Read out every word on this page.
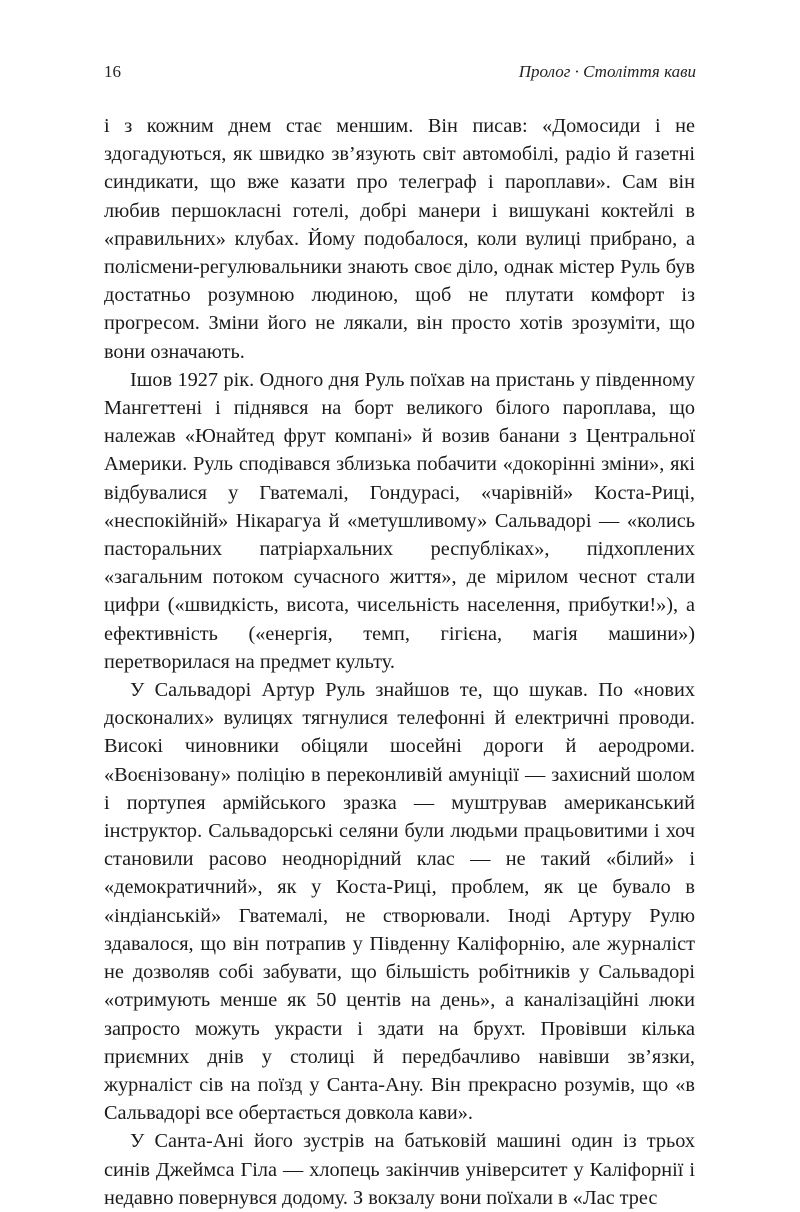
16	Пролог · Століття кави

і з кожним днем стає меншим. Він писав: «Домосиди і не здогадуються, як швидко зв’язують світ автомобілі, радіо й газетні синдикати, що вже казати про телеграф і пароплави». Сам він любив першокласні готелі, добрі манери і вишукані коктейлі в «правильних» клубах. Йому подобалося, коли вулиці прибрано, а полісмени-регулювальники знають своє діло, однак містер Руль був достатньо розумною людиною, щоб не плутати комфорт із прогресом. Зміни його не лякали, він просто хотів зрозуміти, що вони означають.

Ішов 1927 рік. Одного дня Руль поїхав на пристань у південному Мангеттені і піднявся на борт великого білого пароплава, що належав «Юнайтед фрут компані» й возив банани з Центральної Америки. Руль сподівався зблизька побачити «докорінні зміни», які відбувалися у Гватемалі, Гондурасі, «чарівній» Коста-Риці, «неспокійній» Нікарагуа й «метушливому» Сальвадорі — «колись пасторальних патріархальних республіках», підхоплених «загальним потоком сучасного життя», де мірилом чеснот стали цифри («швидкість, висота, чисельність населення, прибутки!»), а ефективність («енергія, темп, гігієна, магія машини») перетворилася на предмет культу.

У Сальвадорі Артур Руль знайшов те, що шукав. По «нових досконалих» вулицях тягнулися телефонні й електричні проводи. Високі чиновники обіцяли шосейні дороги й аеродроми. «Воєнізовану» поліцію в переконливій амуніції — захисний шолом і портупея армійського зразка — муштрував американський інструктор. Сальвадорські селяни були людьми працьовитими і хоч становили расово неоднорідний клас — не такий «білий» і «демократичний», як у Коста-Риці, проблем, як це бувало в «індіанській» Гватемалі, не створювали. Іноді Артуру Рулю здавалося, що він потрапив у Південну Каліфорнію, але журналіст не дозволяв собі забувати, що більшість робітників у Сальвадорі «отримують менше як 50 центів на день», а каналізаційні люки запросто можуть украсти і здати на брухт. Провівши кілька приємних днів у столиці й передбачливо навівши зв’язки, журналіст сів на поїзд у Санта-Ану. Він прекрасно розумів, що «в Сальвадорі все обертається довкола кави».

У Санта-Ані його зустрів на батьковій машині один із трьох синів Джеймса Гіла — хлопець закінчив університет у Каліфорнії і недавно повернувся додому. З вокзалу вони поїхали в «Лас трес
